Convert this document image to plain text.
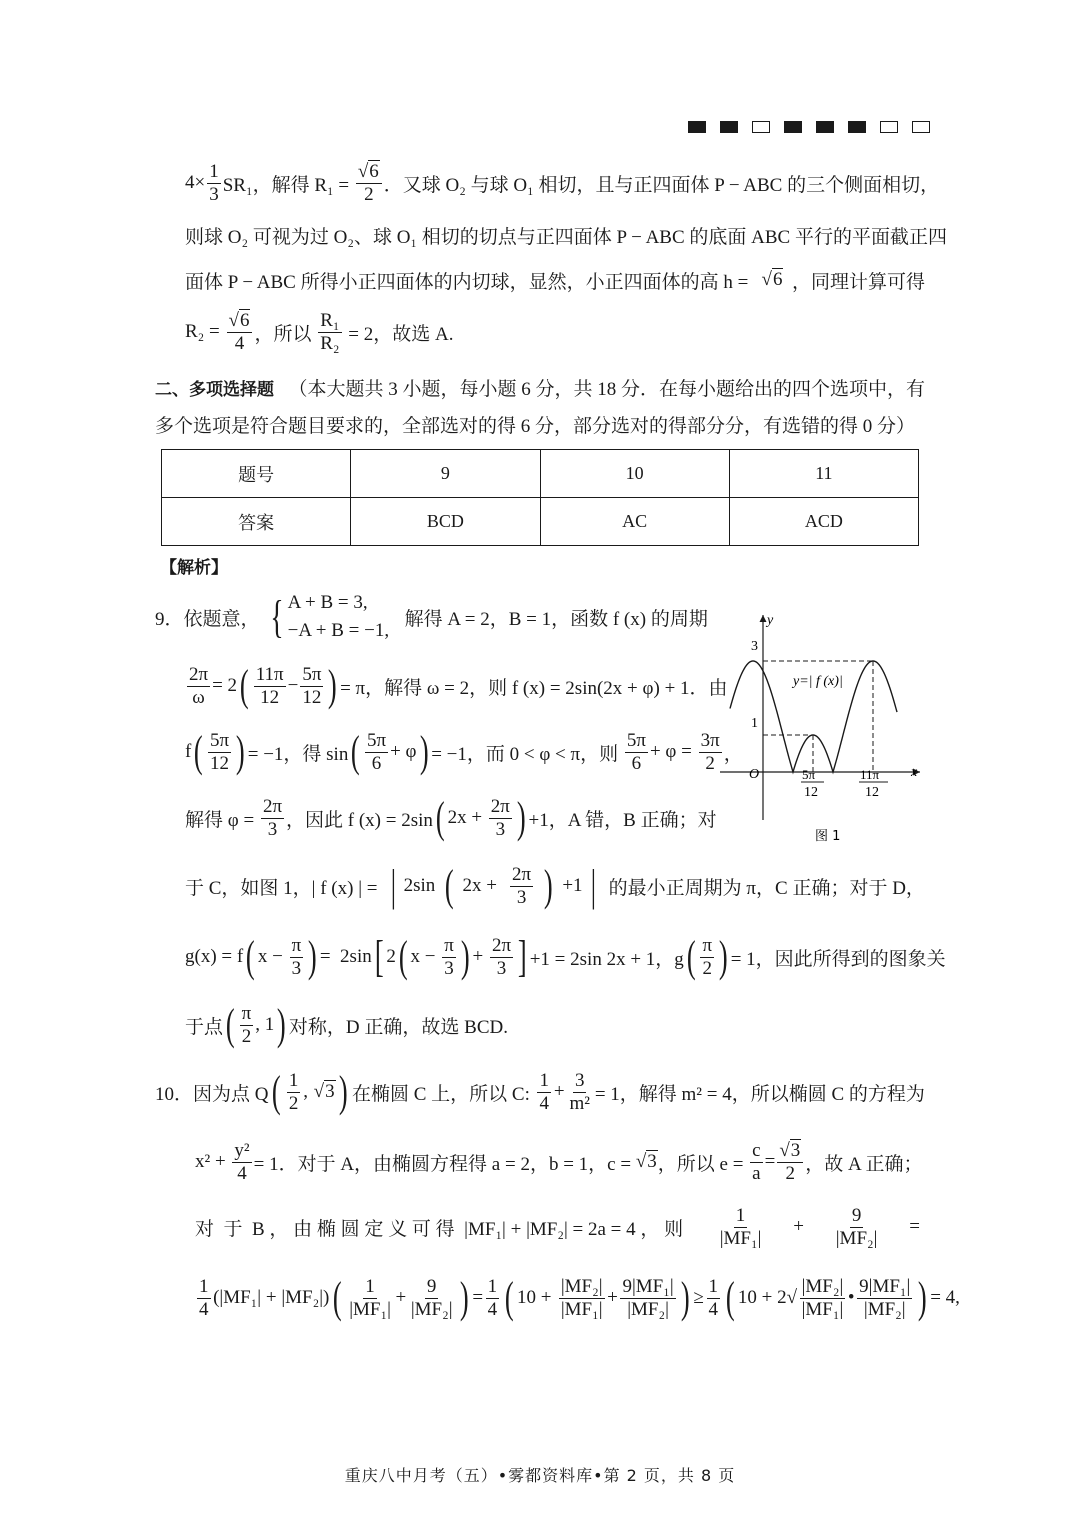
$4\times \frac{1}{3} SR_1$，解得 $R_1 = \frac{√6}{2}$ ．又球 O₂ 与球 O₁ 相切，且与正四面体 P − ABC 的三个侧面相切，
则球 O₂ 可视为过 O₂、球 O₁ 相切的切点与正四面体 P − ABC 的底面 ABC 平行的平面截正四
面体 P − ABC 所得小正四面体的内切球，显然，小正四面体的高 h = √6 ，同理计算可得
$R_2 = \frac{√6}{4}$ ，所以 $\frac{\text{R₁}}{\text{R₂}} = 2$，故选 A.
二、多项选择题 （本大题共 3 小题，每小题 6 分，共 18 分．在每小题给出的四个选项中，有
多个选项是符合题目要求的，全部选对的得 6 分，部分选对的得部分分，有选错的得 0 分）
【解析】
9．依题意， { A + B = 3,
−A + B = −1,
解得 A = 2，B = 1，函数 f (x) 的周期
$\frac{2\pi}{\omega} = 2$ ( $\frac{11\pi}{12} - \frac{5\pi}{12}$ ) = π，解得 ω = 2，则 f (x) = 2sin(2x + φ) + 1．由
f ( $\frac{5\pi}{12}$ ) = −1，得 sin ( $\frac{5\pi}{6} + \varphi$ ) = −1，而 0 < φ < π，则 $\frac{5\pi}{6} + \varphi = \frac{3\pi}{2}$ ，
解得 $\varphi = \frac{2\pi}{3}$ ，因此 f (x) = 2sin ( $2x + \frac{2\pi}{3}$ ) +1，A 错，B 正确；对
于 C，如图 1，| f (x) | = | 2sin ( $2x + \frac{2\pi}{3}$ ) +1 | 的最小正周期为 π，C 正确；对于 D，
g(x) = f ( $x - \frac{\pi}{3}$ ) =  2sin [ 2 ( $x - \frac{\pi}{3}$ ) + $\frac{2\pi}{3}$ ] +1 = 2sin 2x + 1，g ( $\frac{\pi}{2}$ ) = 1，因此所得到的图象关
于点 ( $\frac{\pi}{2}$ , 1 ) 对称，D 正确，故选 BCD.
10．因为点 Q ( $\frac{1}{2}$ , √3 ) 在椭圆 C 上，所以 C: $\frac{1}{4} + \frac{3}{\text{m²}} = 1$，解得 m² = 4，所以椭圆 C 的方程为
$x^2 + \frac{\text{y²}}{4} = 1$．对于 A，由椭圆方程得 a = 2，b = 1，c = √3 ，所以 $e = \frac{c}{a} = \frac{√3}{2}$ ，故 A 正确；
对  于  B ， 由 椭 圆 定 义 可 得  |MF₁| + |MF₂| = 2a = 4 ， 则 $\frac{1}{\text{|MF₁|}} + \frac{9}{\text{|MF₂|}}$ =
$\frac{1}{4} (|MF_1| + |MF_2|)$ ( $\frac{1}{\text{|MF₁|}} + \frac{9}{\text{|MF₂|}}$ ) = $\frac{1}{4}$ ( $10 + \frac{\text{|MF₂|}}{\text{|MF₁|}} + \frac{\text{9|MF₁|}}{\text{|MF₂|}}$ ) ≥ $\frac{1}{4}$ ( $10 + 2√ \frac{\text{|MF₂|}}{\text{|MF₁|}}$ • $\frac{\text{9|MF₁|}}{\text{|MF₂|}}$ ) = 4,
题号	9	10	11
答案	BCD	AC	ACD
y
x
O
3
1
5π
12
11π
12
y=| f (x)|
图 1
重庆八中月考（五）•雾都资料库•第 2 页，共 8 页
